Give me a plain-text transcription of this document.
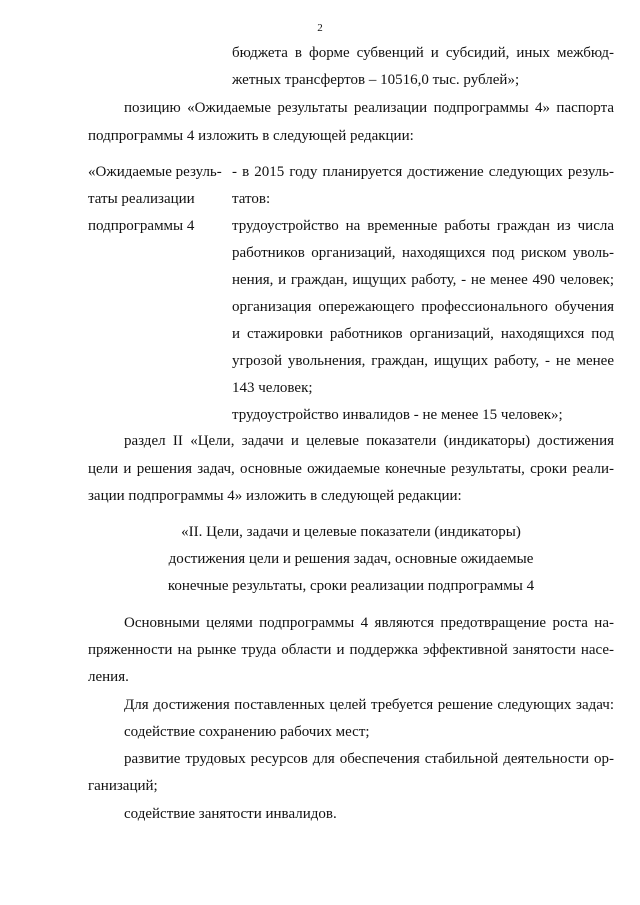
2
бюджета в форме субвенций и субсидий, иных межбюд-
жетных трансфертов – 10516,0 тыс. рублей»;
позицию «Ожидаемые результаты реализации подпрограммы 4» паспорта
подпрограммы 4 изложить в следующей редакции:
«Ожидаемые резуль-
таты реализации
подпрограммы 4
- в 2015 году планируется достижение следующих резуль-
татов:
трудоустройство на временные работы граждан из числа
работников организаций, находящихся под риском уволь-
нения, и граждан, ищущих работу, - не менее 490 человек;
организация опережающего профессионального обучения
и стажировки работников организаций, находящихся под
угрозой увольнения, граждан, ищущих работу, - не менее
143 человек;
трудоустройство инвалидов - не менее 15 человек»;
раздел II «Цели, задачи и целевые показатели (индикаторы) достижения
цели и решения задач, основные ожидаемые конечные результаты, сроки реали-
зации подпрограммы 4» изложить в следующей редакции:
«II. Цели, задачи и целевые показатели (индикаторы)
достижения цели и решения задач, основные ожидаемые
конечные результаты, сроки реализации подпрограммы 4
Основными целями подпрограммы 4 являются предотвращение роста на-
пряженности на рынке труда области и поддержка эффективной занятости насе-
ления.
Для достижения поставленных целей требуется решение следующих задач:
содействие сохранению рабочих мест;
развитие трудовых ресурсов для обеспечения стабильной деятельности ор-
ганизаций;
содействие занятости инвалидов.
